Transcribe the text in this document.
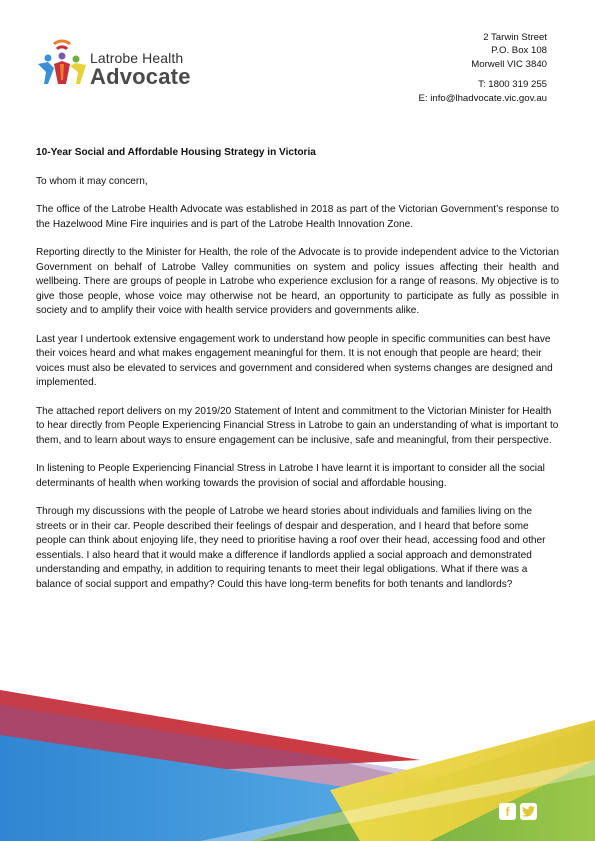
Latrobe Health
Advocate
2 Tarwin Street
P.O. Box 108
Morwell VIC 3840
T: 1800 319 255
E: info@lhadvocate.vic.gov.au
10-Year Social and Affordable Housing Strategy in Victoria

To whom it may concern,

The office of the Latrobe Health Advocate was established in 2018 as part of the Victorian Government’s response to the Hazelwood Mine Fire inquiries and is part of the Latrobe Health Innovation Zone.

Reporting directly to the Minister for Health, the role of the Advocate is to provide independent advice to the Victorian Government on behalf of Latrobe Valley communities on system and policy issues affecting their health and wellbeing. There are groups of people in Latrobe who experience exclusion for a range of reasons. My objective is to give those people, whose voice may otherwise not be heard, an opportunity to participate as fully as possible in society and to amplify their voice with health service providers and governments alike.

Last year I undertook extensive engagement work to understand how people in specific communities can best have their voices heard and what makes engagement meaningful for them. It is not enough that people are heard; their voices must also be elevated to services and government and considered when systems changes are designed and implemented.

The attached report delivers on my 2019/20 Statement of Intent and commitment to the Victorian Minister for Health to hear directly from People Experiencing Financial Stress in Latrobe to gain an understanding of what is important to them, and to learn about ways to ensure engagement can be inclusive, safe and meaningful, from their perspective.

In listening to People Experiencing Financial Stress in Latrobe I have learnt it is important to consider all the social determinants of health when working towards the provision of social and affordable housing.

Through my discussions with the people of Latrobe we heard stories about individuals and families living on the streets or in their car. People described their feelings of despair and desperation, and I heard that before some people can think about enjoying life, they need to prioritise having a roof over their head, accessing food and other essentials. I also heard that it would make a difference if landlords applied a social approach and demonstrated understanding and empathy, in addition to requiring tenants to meet their legal obligations. What if there was a balance of social support and empathy? Could this have long-term benefits for both tenants and landlords?

f
